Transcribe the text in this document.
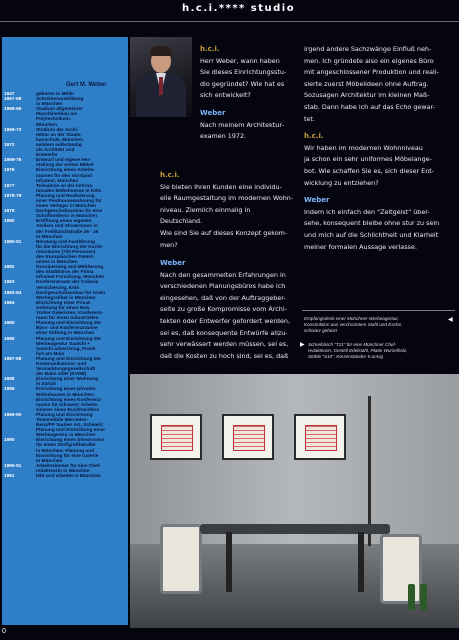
h.c.i.**** studio
Gert M. Weber
1947	geboren in Mölln
1967-68	Schreinerausbildung
in München
1968-69	Studium allgemeiner
Maschinenbau am
Polytechnikum,
München
1969-72	Studium der Archi-
tektur an der Staats-
bauschule, München
1972	seitdem selbständig
als Architekt und
Entwerfer
1969-76	Entwurf und eigene Her-
stellung der ersten Möbel
1976	Einrichtung eines Arbeits-
raumes für den Vorstand
Infratest, München
1977	Teilnahme an der Interna-
tionalen Möbelmesse in Köln
1978-79	Planung und Realisierung
einer Penthousewohnung für
einen Verleger in München
1979	Dachgeschoßausbau für eine
Schriftstellerin in München
1980	Eröffnung eines eigenen
Ateliers und Showrooms in
der Freilitzschstraße 26 - 26
in München
1980-81	Beratung und Ausführung
für die Einrichtung der Konfe-
renzräume (700 Personen)
des Europäischen Patent-
amtes in München
1982	Konzipierung und Möblierung
des Stadtbüros der Firma
Infratest Forschung, München
1983	Konferenzraum der Colonia
Versicherung, Köln
1983-84	Dachgeschoßausbau für einen
Werbegrafiker in München
1984	Einrichtung einer Privat-
wohnung für einen New
Yorker Galeristen; Konferenz-
raum für einen Industriellen
1985	Planung und Einrichtung der
Büro- und Konferenzräume
einer Stiftung in München
1986	Planung und Einrichtung der
Werbeagentur Saatchi +
Saatchi advertising, Frank-
furt am Main
1987-88	Planung und Einrichtung der
Kommunikations- und
Vermarktungsgesellschaft
der Bahn mbH (KVDB)
1988	Einrichtung einer Wohnung
in Zürich
1989	Einrichtung eines privaten
Wohnhauses in München;
Einrichtung eines Konferenz-
raums für Infratest; Arbeits-
zimmer eines Buchhändlers
1989-90	Planung und Einrichtung
Teammöbile Mercedes-
Benz/PP Sauber AG, Schweiz;
Planung und Einrichtung einer
Werbeagentur in München
1990	Einrichtung eines Showrooms
für einen Stoffgroßhändler
in München; Planung und
Einrichtung für eine Galerie
in München
1990-91	Arbeitszimmer für eine Chef-
redakteurin in München
1991	lebt und arbeitet in München
h.c.i.

Herr Weber, wann haben
Sie dieses Einrichtungsstu-
dio gegründet? Wie hat es
sich entwickelt?

Weber

Nach meinem Architektur-
examen 1972.

h.c.i.

Sie bieten Ihren Kunden eine individu-
elle Raumgestaltung im modernen Wohn-
niveau. Ziemlich einmalig in Deutschland.
Wie sind Sie auf dieses Konzept gekom-
men?

Weber

Nach den gesammelten Erfahrungen in
verschiedenen Planungsbüros habe ich
eingesehen, daß von der Auftraggeber-
seite zu große Kompromisse vom Archi-
tekten oder Entwerfer gefordert werden,
sei es, daß konsequente Entwürfe allzu-
sehr verwässert werden müssen, sei es,
daß die Kosten zu hoch sind, sei es, daß

irgend andere Sachzwänge Einfluß neh-
men. Ich gründete also ein eigenes Büro
mit angeschlossener Produktion und reali-
sierte zuerst Möbelideen ohne Auftrag.
Sozusagen Architektur im kleinen Maß-
stab. Dann habe ich auf das Echo gewar-
tet.

h.c.i.

Wir haben im modernen Wohnniveau
ja schon ein sehr uniformes Möbelange-
bot. Wie schaffen Sie es, sich dieser Ent-
wicklung zu entziehen?

Weber

Indem ich einfach den "Zeitgeist" über-
sehe, konsequent bleibe ohne stur zu sein
und mich auf die Schlichtheit und Klarheit
meiner formalen Aussage verlasse.

Empfangsdesk einer Münchner Werbeagentur,
Konstruktion aus verchromtem Stahl und Esche,
schwarz gebeizt
◀
▶ Schreibtisch "T21" für eine Münchner Chef-
redakteurin, Gestell Edelstahl, Platte Wurzelholz,
Stühle "S10", Kerzenständer 5-armig
0
